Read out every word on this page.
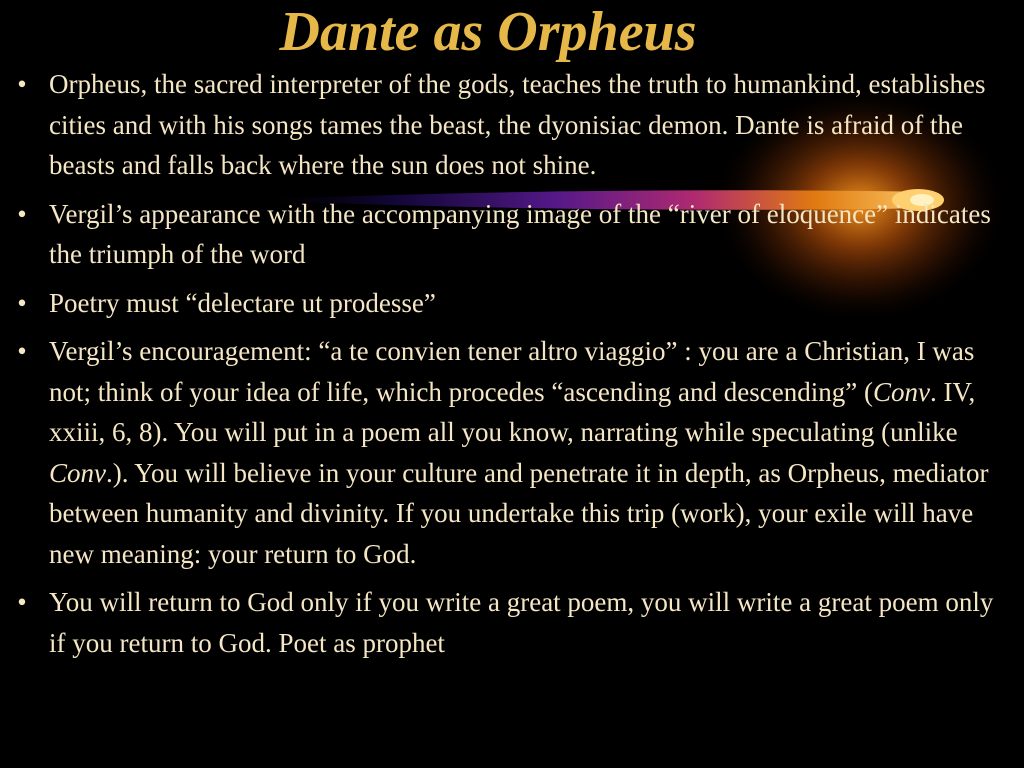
Dante as Orpheus
• Orpheus, the sacred interpreter of the gods, teaches the truth to humankind, establishes cities and with his songs tames the beast, the dyonisiac demon. Dante is afraid of the beasts and falls back where the sun does not shine.
• Vergil’s appearance with the accompanying image of the “river of eloquence” indicates the triumph of the word
• Poetry must “delectare ut prodesse”
• Vergil’s encouragement: “a te convien tener altro viaggio” : you are a Christian, I was not; think of your idea of life, which procedes “ascending and descending” (Conv. IV, xxiii, 6, 8). You will put in a poem all you know, narrating while speculating (unlike Conv.). You will believe in your culture and penetrate it in depth, as Orpheus, mediator between humanity and divinity. If you undertake this trip (work), your exile will have new meaning: your return to God.
• You will return to God only if you write a great poem, you will write a great poem only if you return to God. Poet as prophet
